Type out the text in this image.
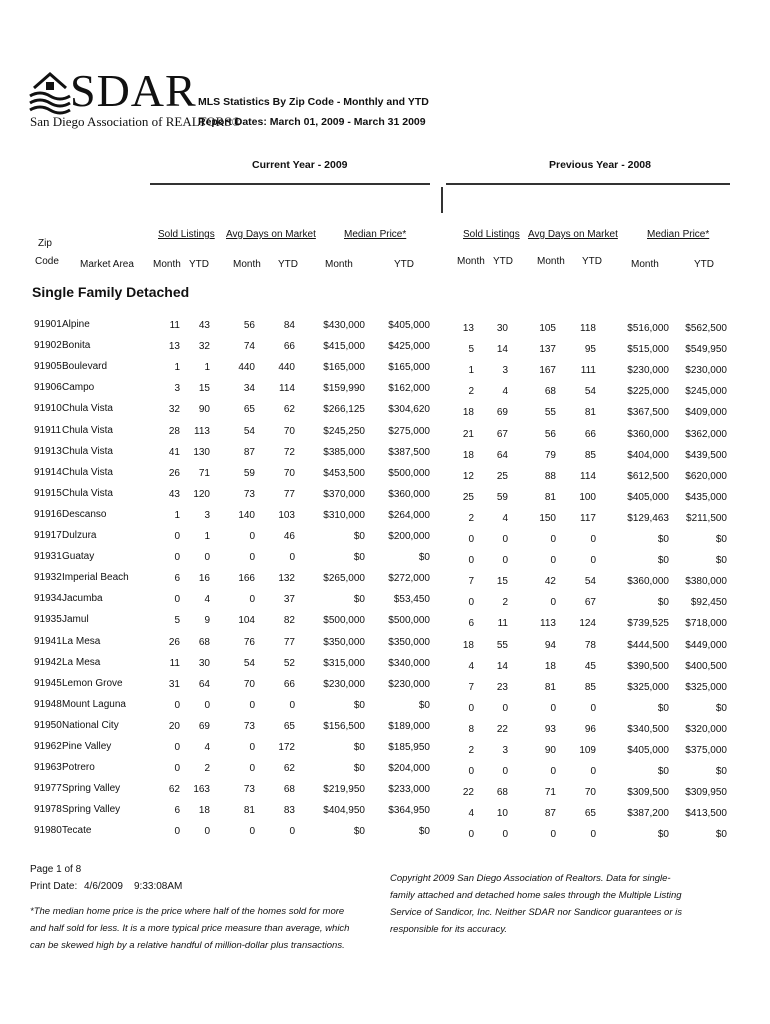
SDAR
San Diego Association of REALTORS®
MLS Statistics By Zip Code - Monthly and YTD
Report Dates: March 01, 2009 - March 31 2009
Current Year - 2009	Previous Year - 2008
Zip
Code Market Area
Sold Listings Avg Days on Market	Median Price*	Sold Listings Avg Days on Market	Median Price*
Month YTD Month YTD	Month	YTD	Month YTD Month YTD	Month	YTD
Single Family Detached
91901 Alpine	11	43	56	84	$430,000	$405,000	13	30	105	118	$516,000	$562,500
91902 Bonita	13	32	74	66	$415,000	$425,000	5	14	137	95	$515,000	$549,950
91905 Boulevard	1	1	440	440	$165,000	$165,000	1	3	167	111	$230,000	$230,000
91906 Campo	3	15	34	114	$159,990	$162,000	2	4	68	54	$225,000	$245,000
91910 Chula Vista	32	90	65	62	$266,125	$304,620	18	69	55	81	$367,500	$409,000
91911 Chula Vista	28	113	54	70	$245,250	$275,000	21	67	56	66	$360,000	$362,000
91913 Chula Vista	41	130	87	72	$385,000	$387,500	18	64	79	85	$404,000	$439,500
91914 Chula Vista	26	71	59	70	$453,500	$500,000	12	25	88	114	$612,500	$620,000
91915 Chula Vista	43	120	73	77	$370,000	$360,000	25	59	81	100	$405,000	$435,000
91916 Descanso	1	3	140	103	$310,000	$264,000	2	4	150	117	$129,463	$211,500
91917 Dulzura	0	1	0	46	$0	$200,000	0	0	0	0	$0	$0
91931 Guatay	0	0	0	0	$0	$0	0	0	0	0	$0	$0
91932 Imperial Beach	6	16	166	132	$265,000	$272,000	7	15	42	54	$360,000	$380,000
91934 Jacumba	0	4	0	37	$0	$53,450	0	2	0	67	$0	$92,450
91935 Jamul	5	9	104	82	$500,000	$500,000	6	11	113	124	$739,525	$718,000
91941 La Mesa	26	68	76	77	$350,000	$350,000	18	55	94	78	$444,500	$449,000
91942 La Mesa	11	30	54	52	$315,000	$340,000	4	14	18	45	$390,500	$400,500
91945 Lemon Grove	31	64	70	66	$230,000	$230,000	7	23	81	85	$325,000	$325,000
91948 Mount Laguna	0	0	0	0	$0	$0	0	0	0	0	$0	$0
91950 National City	20	69	73	65	$156,500	$189,000	8	22	93	96	$340,500	$320,000
91962 Pine Valley	0	4	0	172	$0	$185,950	2	3	90	109	$405,000	$375,000
91963 Potrero	0	2	0	62	$0	$204,000	0	0	0	0	$0	$0
91977 Spring Valley	62	163	73	68	$219,950	$233,000	22	68	71	70	$309,500	$309,950
91978 Spring Valley	6	18	81	83	$404,950	$364,950	4	10	87	65	$387,200	$413,500
91980 Tecate	0	0	0	0	$0	$0	0	0	0	0	$0	$0
Page 1 of 8
Print Date: 4/6/2009 9:33:08AM
*The median home price is the price where half of the homes sold for more and half sold for less. It is a more typical price measure than average, which can be skewed high by a relative handful of million-dollar plus transactions.
Copyright 2009 San Diego Association of Realtors. Data for single-family attached and detached home sales through the Multiple Listing Service of Sandicor, Inc. Neither SDAR nor Sandicor guarantees or is responsible for its accuracy.
